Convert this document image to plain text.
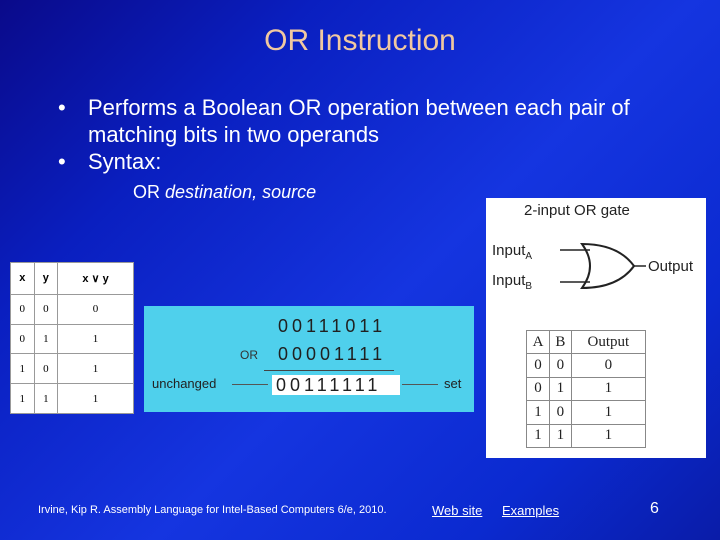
OR Instruction
• Performs a Boolean OR operation between each pair of matching bits in two operands
• Syntax:
OR destination, source
x	y	x ∨ y
0	0	0
0	1	1
1	0	1
1	1	1
00111011
OR 00001111
00111111
unchanged	set
2-input OR gate
Input$_A$
Input$_B$
Output
A	B	Output
0	0	0
0	1	1
1	0	1
1	1	1
Irvine, Kip R. Assembly Language for Intel-Based Computers 6/e, 2010.	Web site Examples	6
